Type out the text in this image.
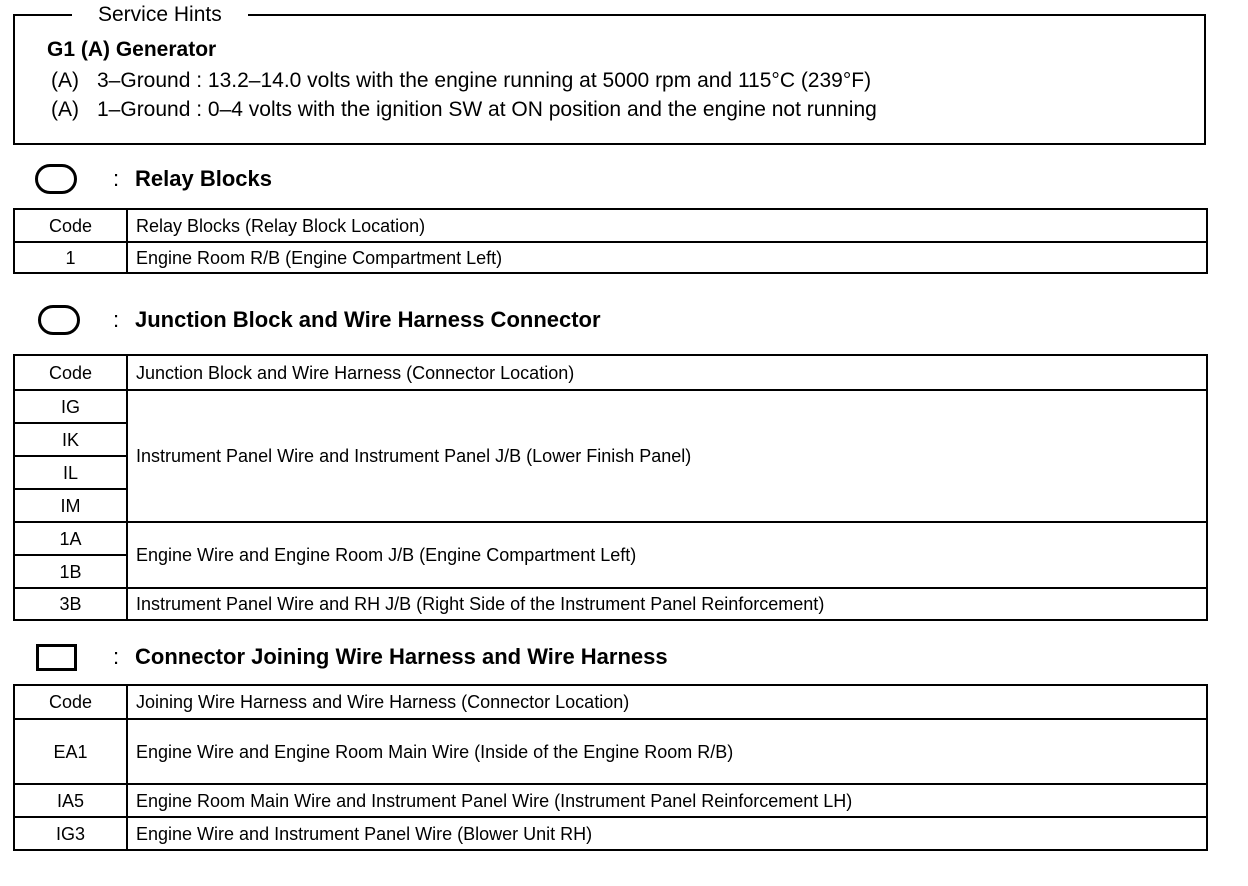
Service Hints
G1 (A) Generator
(A) 3–Ground : 13.2–14.0 volts with the engine running at 5000 rpm and 115°C (239°F)
(A) 1–Ground : 0–4 volts with the ignition SW at ON position and the engine not running
: Relay Blocks
Code	Relay Blocks (Relay Block Location)
1	Engine Room R/B (Engine Compartment Left)
: Junction Block and Wire Harness Connector
Code	Junction Block and Wire Harness (Connector Location)
IG	Instrument Panel Wire and Instrument Panel J/B (Lower Finish Panel)
IK	
IL	
IM	
1A	Engine Wire and Engine Room J/B (Engine Compartment Left)
1B	
3B	Instrument Panel Wire and RH J/B (Right Side of the Instrument Panel Reinforcement)
: Connector Joining Wire Harness and Wire Harness
Code	Joining Wire Harness and Wire Harness (Connector Location)
EA1	Engine Wire and Engine Room Main Wire (Inside of the Engine Room R/B)
IA5	Engine Room Main Wire and Instrument Panel Wire (Instrument Panel Reinforcement LH)
IG3	Engine Wire and Instrument Panel Wire (Blower Unit RH)
